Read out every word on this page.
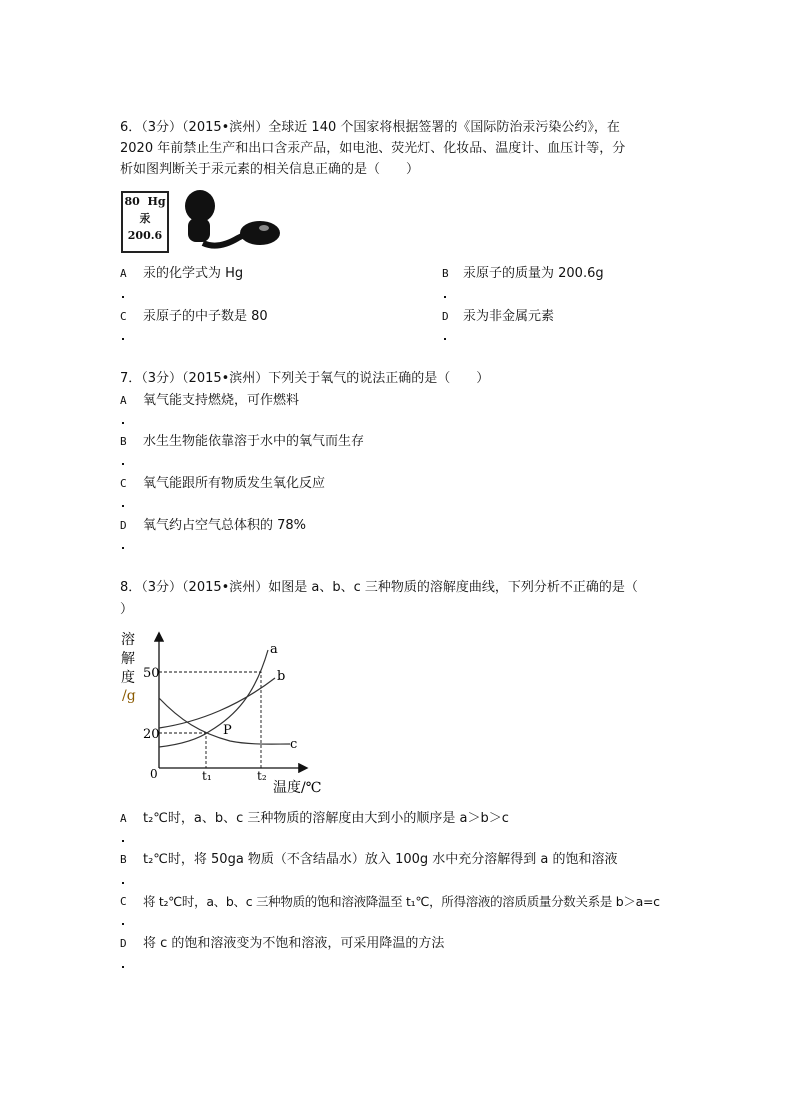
6．（3分）（2015•滨州）全球近 140 个国家将根据签署的《国际防治汞污染公约》，在
2020 年前禁止生产和出口含汞产品，如电池、荧光灯、化妆品、温度计、血压计等，分
析如图判断关于汞元素的相关信息正确的是（　　）
80 Hg
汞
200.6
A 汞的化学式为 Hg	B 汞原子的质量为 200.6g
C 汞原子的中子数是 80	D 汞为非金属元素
7．（3分）（2015•滨州）下列关于氧气的说法正确的是（　　）
A 氧气能支持燃烧，可作燃料
B 水生生物能依靠溶于水中的氧气而生存
C 氧气能跟所有物质发生氧化反应
D 氧气约占空气总体积的 78%
8．（3分）（2015•滨州）如图是 a、b、c 三种物质的溶解度曲线，下列分析不正确的是（
）
溶
解
度
/g
50
20
0	t₁	t₂
温度/℃
a
b
c
P
A t₂℃时，a、b、c 三种物质的溶解度由大到小的顺序是 a＞b＞c
B t₂℃时，将 50ga 物质（不含结晶水）放入 100g 水中充分溶解得到 a 的饱和溶液
C 将 t₂℃时，a、b、c 三种物质的饱和溶液降温至 t₁℃，所得溶液的溶质质量分数关系是 b＞a=c
D 将 c 的饱和溶液变为不饱和溶液，可采用降温的方法
